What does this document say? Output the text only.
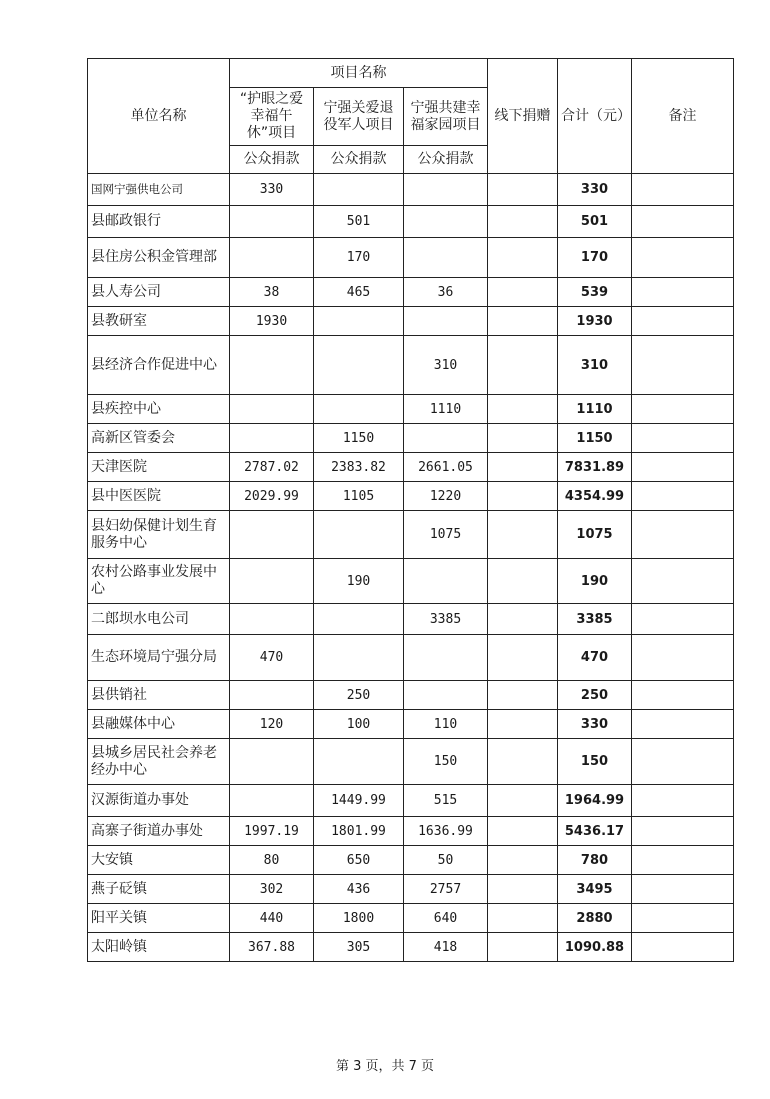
单位名称	项目名称			线下捐赠	合计（元）	备注
	“护眼之爱幸福午休”项目	宁强关爱退役军人项目	宁强共建幸福家园项目			
	公众捐款	公众捐款	公众捐款			
国网宁强供电公司	330				330	
县邮政银行		501			501	
县住房公积金管理部		170			170	
县人寿公司	38	465	36		539	
县教研室	1930				1930	
县经济合作促进中心			310		310	
县疾控中心			1110		1110	
高新区管委会		1150			1150	
天津医院	2787.02	2383.82	2661.05		7831.89	
县中医医院	2029.99	1105	1220		4354.99	
县妇幼保健计划生育服务中心			1075		1075	
农村公路事业发展中心		190			190	
二郎坝水电公司			3385		3385	
生态环境局宁强分局	470				470	
县供销社		250			250	
县融媒体中心	120	100	110		330	
县城乡居民社会养老经办中心			150		150	
汉源街道办事处		1449.99	515		1964.99	
高寨子街道办事处	1997.19	1801.99	1636.99		5436.17	
大安镇	80	650	50		780	
燕子砭镇	302	436	2757		3495	
阳平关镇	440	1800	640		2880	
太阳岭镇	367.88	305	418		1090.88	
第 3 页，共 7 页
